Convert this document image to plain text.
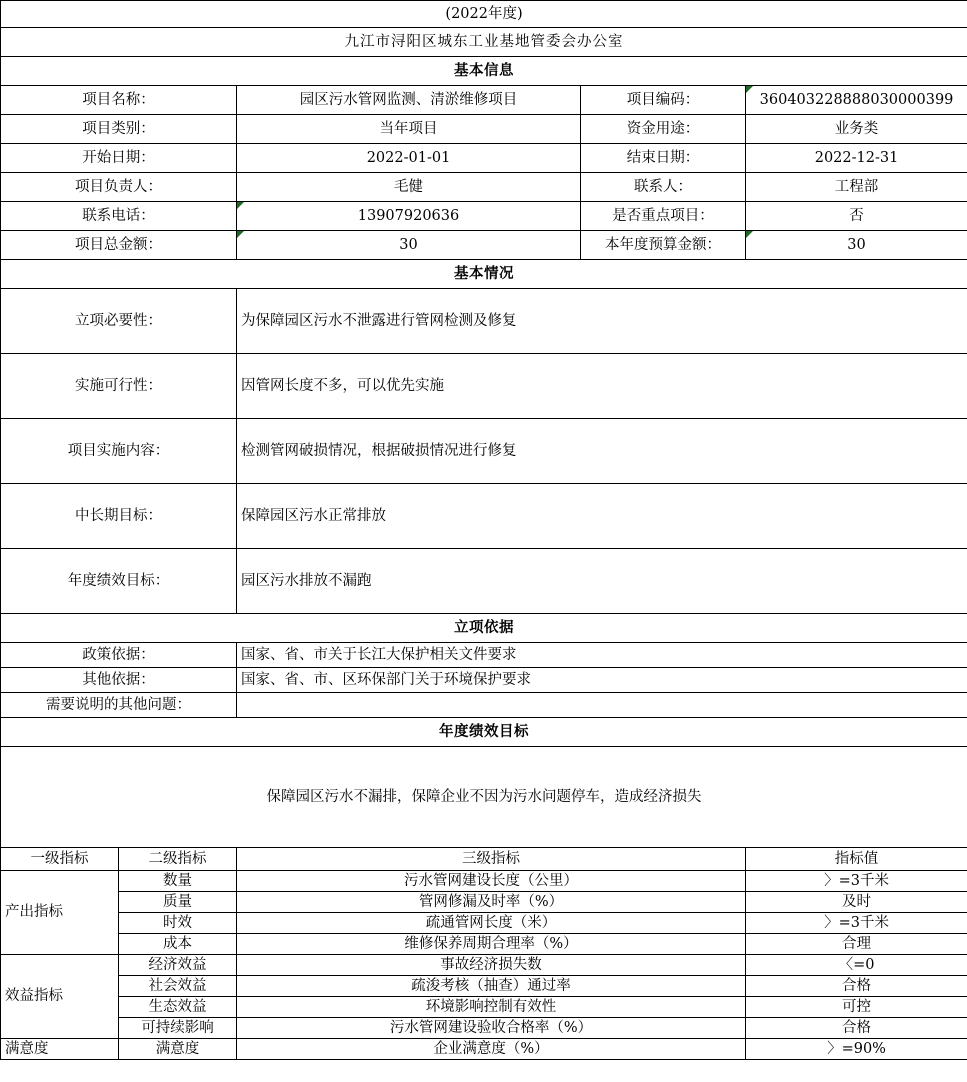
(2022年度)				
九江市浔阳区城东工业基地管委会办公室				
基本信息				
项目名称：		园区污水管网监测、清淤维修项目	项目编码：	360403228888030000399
项目类别：		当年项目	资金用途：	业务类
开始日期：		2022-01-01	结束日期：	2022-12-31
项目负责人：		毛健	联系人：	工程部
联系电话：		13907920636	是否重点项目：	否
项目总金额：		30	本年度预算金额：	30
基本情况				
立项必要性：		为保障园区污水不泄露进行管网检测及修复		
实施可行性：		因管网长度不多，可以优先实施		
项目实施内容：		检测管网破损情况，根据破损情况进行修复		
中长期目标：		保障园区污水正常排放		
年度绩效目标：		园区污水排放不漏跑		
立项依据				
政策依据：		国家、省、市关于长江大保护相关文件要求		
其他依据：		国家、省、市、区环保部门关于环境保护要求		
需要说明的其他问题：				
年度绩效目标				
保障园区污水不漏排，保障企业不因为污水问题停车，造成经济损失				
一级指标	二级指标	三级指标		指标值
产出指标	数量	污水管网建设长度（公里）		〉=3千米
	质量	管网修漏及时率（%）		及时
	时效	疏通管网长度（米）		〉=3千米
	成本	维修保养周期合理率（%）		合理
效益指标	经济效益	事故经济损失数		〈=0
	社会效益	疏浚考核（抽查）通过率		合格
	生态效益	环境影响控制有效性		可控
	可持续影响	污水管网建设验收合格率（%）		合格
满意度	满意度	企业满意度（%）		〉=90%
